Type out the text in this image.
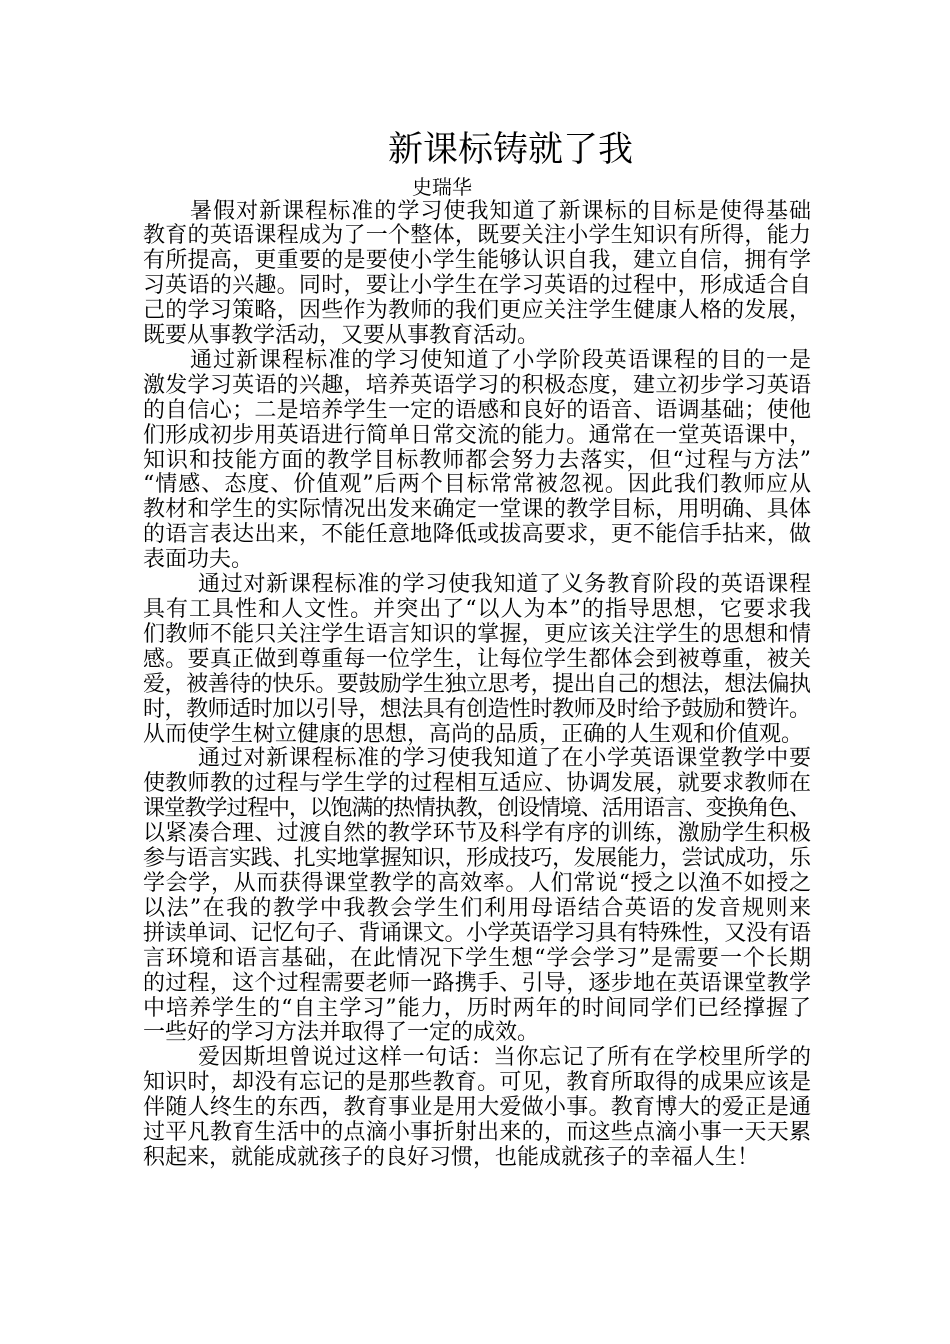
新课标铸就了我
史瑞华
暑假对新课程标准的学习使我知道了新课标的目标是使得基础
教育的英语课程成为了一个整体，既要关注小学生知识有所得，能力
有所提高，更重要的是要使小学生能够认识自我，建立自信，拥有学
习英语的兴趣。同时，要让小学生在学习英语的过程中，形成适合自
己的学习策略，因些作为教师的我们更应关注学生健康人格的发展，
既要从事教学活动，又要从事教育活动。
通过新课程标准的学习使知道了小学阶段英语课程的目的一是
激发学习英语的兴趣，培养英语学习的积极态度，建立初步学习英语
的自信心；二是培养学生一定的语感和良好的语音、语调基础；使他
们形成初步用英语进行简单日常交流的能力。通常在一堂英语课中，
知识和技能方面的教学目标教师都会努力去落实，但“过程与方法”
“情感、态度、价值观”后两个目标常常被忽视。因此我们教师应从
教材和学生的实际情况出发来确定一堂课的教学目标，用明确、具体
的语言表达出来，不能任意地降低或拔高要求，更不能信手拈来，做
表面功夫。
通过对新课程标准的学习使我知道了义务教育阶段的英语课程
具有工具性和人文性。并突出了“以人为本”的指导思想，它要求我
们教师不能只关注学生语言知识的掌握，更应该关注学生的思想和情
感。要真正做到尊重每一位学生，让每位学生都体会到被尊重，被关
爱，被善待的快乐。要鼓励学生独立思考，提出自己的想法，想法偏执
时，教师适时加以引导，想法具有创造性时教师及时给予鼓励和赞许。
从而使学生树立健康的思想，高尚的品质，正确的人生观和价值观。
通过对新课程标准的学习使我知道了在小学英语课堂教学中要
使教师教的过程与学生学的过程相互适应、协调发展，就要求教师在
课堂教学过程中，以饱满的热情执教，创设情境、活用语言、变换角色、
以紧凑合理、过渡自然的教学环节及科学有序的训练，激励学生积极
参与语言实践、扎实地掌握知识，形成技巧，发展能力，尝试成功，乐
学会学，从而获得课堂教学的高效率。人们常说“授之以渔不如授之
以法”在我的教学中我教会学生们利用母语结合英语的发音规则来
拼读单词、记忆句子、背诵课文。小学英语学习具有特殊性，又没有语
言环境和语言基础，在此情况下学生想“学会学习”是需要一个长期
的过程，这个过程需要老师一路携手、引导，逐步地在英语课堂教学
中培养学生的“自主学习”能力，历时两年的时间同学们已经撑握了
一些好的学习方法并取得了一定的成效。
爱因斯坦曾说过这样一句话：当你忘记了所有在学校里所学的
知识时，却没有忘记的是那些教育。可见，教育所取得的成果应该是
伴随人终生的东西，教育事业是用大爱做小事。教育博大的爱正是通
过平凡教育生活中的点滴小事折射出来的，而这些点滴小事一天天累
积起来，就能成就孩子的良好习惯，也能成就孩子的幸福人生！
